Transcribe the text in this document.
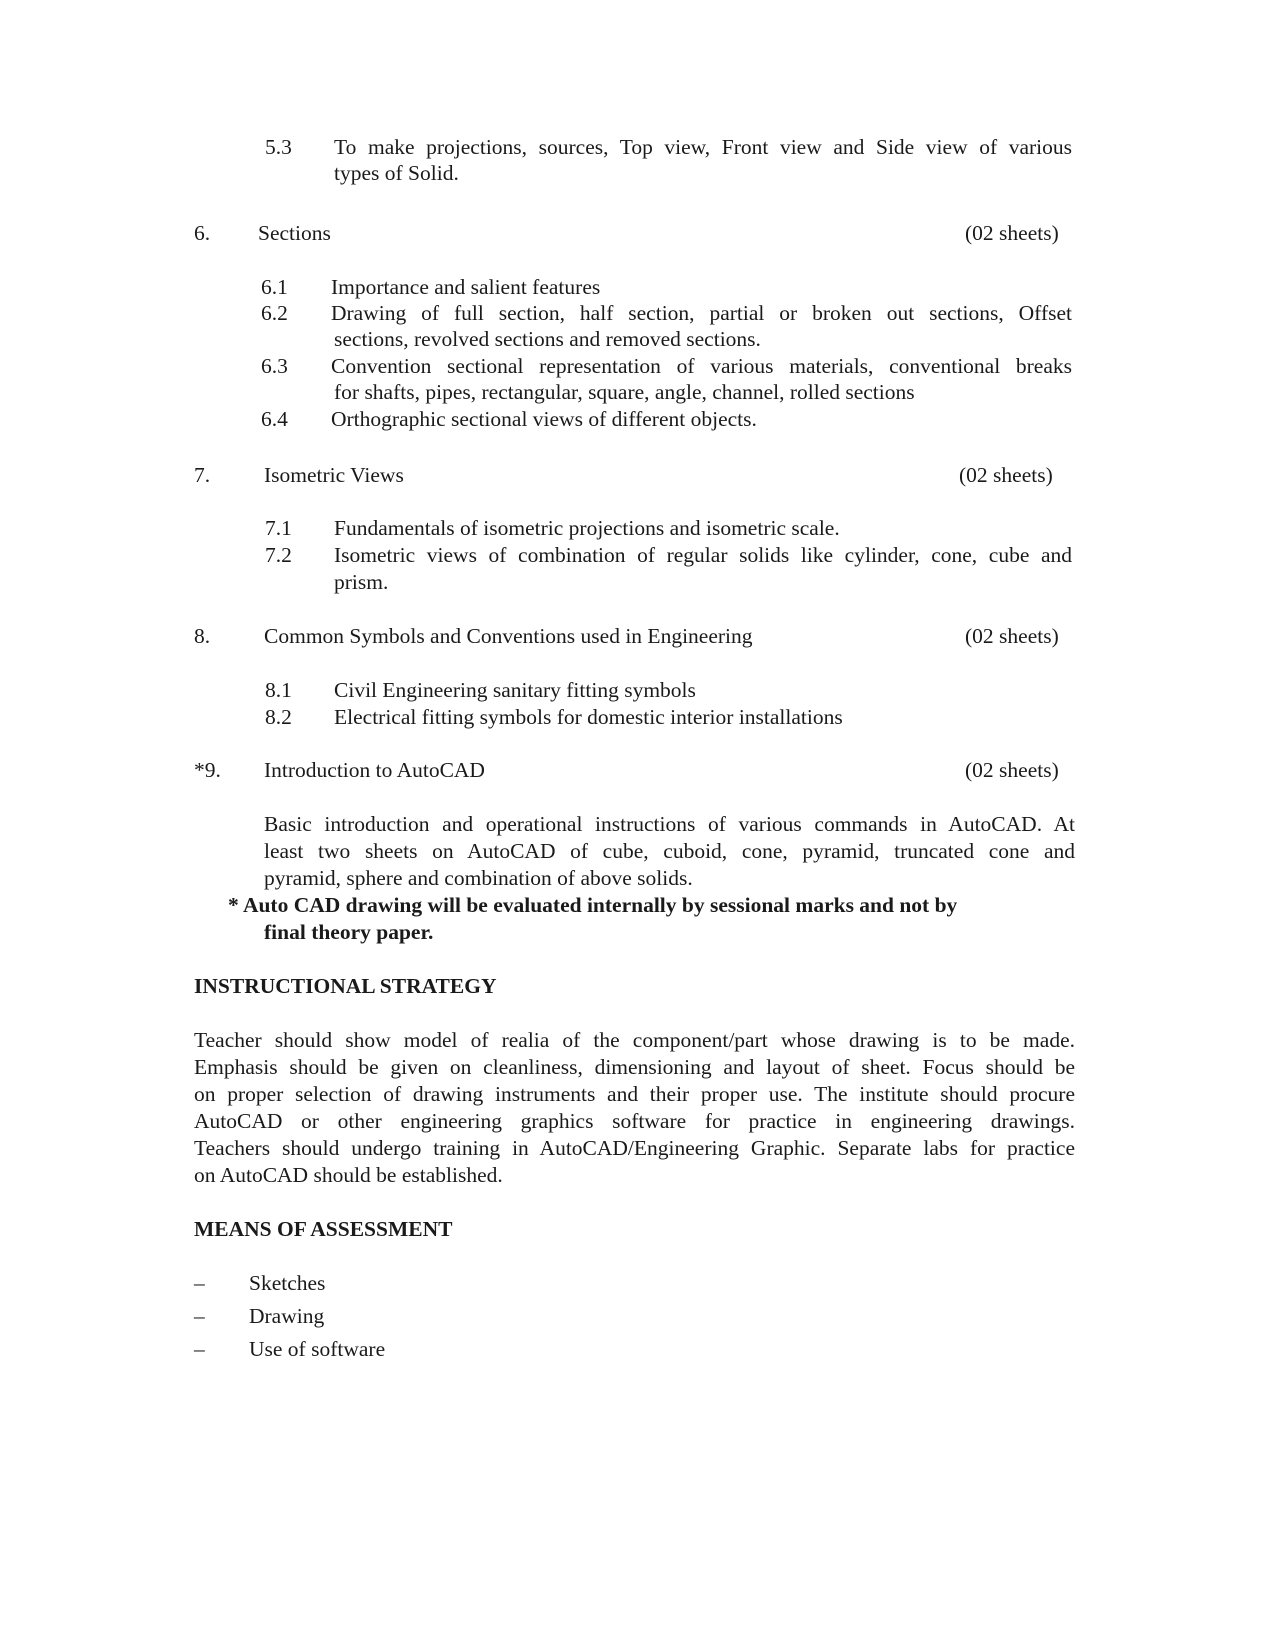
5.3 To make projections, sources, Top view, Front view and Side view of various
types of Solid.
6. Sections	(02 sheets)
6.1 Importance and salient features
6.2 Drawing of full section, half section, partial or broken out sections, Offset
sections, revolved sections and removed sections.
6.3 Convention sectional representation of various materials, conventional breaks
for shafts, pipes, rectangular, square, angle, channel, rolled sections
6.4 Orthographic sectional views of different objects.
7.	Isometric Views	(02 sheets)
7.1 Fundamentals of isometric projections and isometric scale.
7.2 Isometric views of combination of regular solids like cylinder, cone, cube and
prism.
8.	Common Symbols and Conventions used in Engineering	(02 sheets)
8.1 Civil Engineering sanitary fitting symbols
8.2 Electrical fitting symbols for domestic interior installations
*9. Introduction to AutoCAD	(02 sheets)
Basic introduction and operational instructions of various commands in AutoCAD. At
least two sheets on AutoCAD of cube, cuboid, cone, pyramid, truncated cone and
pyramid, sphere and combination of above solids.
* Auto CAD drawing will be evaluated internally by sessional marks and not by
final theory paper.
INSTRUCTIONAL STRATEGY
Teacher should show model of realia of the component/part whose drawing is to be made.
Emphasis should be given on cleanliness, dimensioning and layout of sheet. Focus should be
on proper selection of drawing instruments and their proper use. The institute should procure
AutoCAD or other engineering graphics software for practice in engineering drawings.
Teachers should undergo training in AutoCAD/Engineering Graphic. Separate labs for practice
on AutoCAD should be established.
MEANS OF ASSESSMENT
– Sketches
– Drawing
– Use of software
